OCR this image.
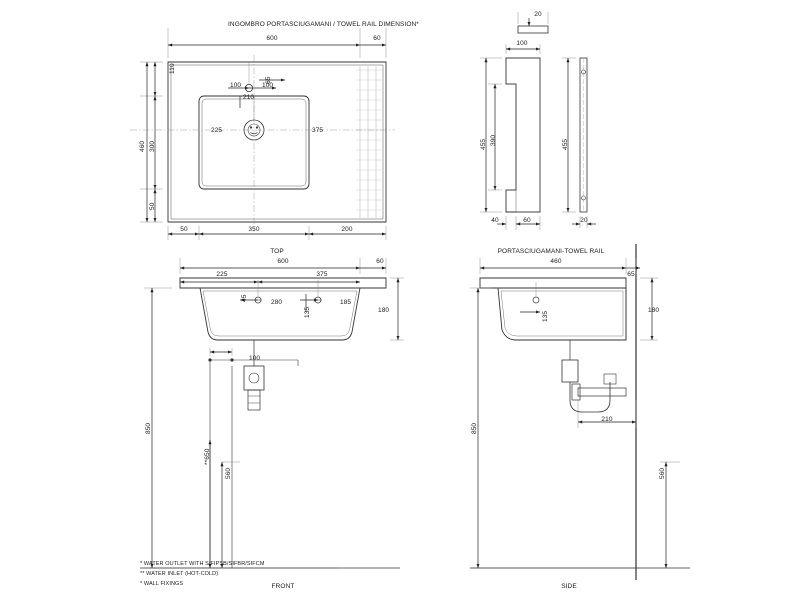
INGOMBRO PORTASCIUGAMANI / TOWEL RAIL DIMENSION*
600	60
110
65
100	100
210
460 300
225	375
50
50	350	200
TOP
20
100
390
455	455
40	60	20
PORTASCIUGAMANI-TOWEL RAIL
600	60
225	375
45
280
135
185
180
100
850
**650
560
FRONT
460
65
135
180
210
850
560
SIDE
* WATER OUTLET WITH SIFIPSB/SIFBR/SIFCM
** WATER INLET (HOT-COLD)
* WALL FIXINGS
